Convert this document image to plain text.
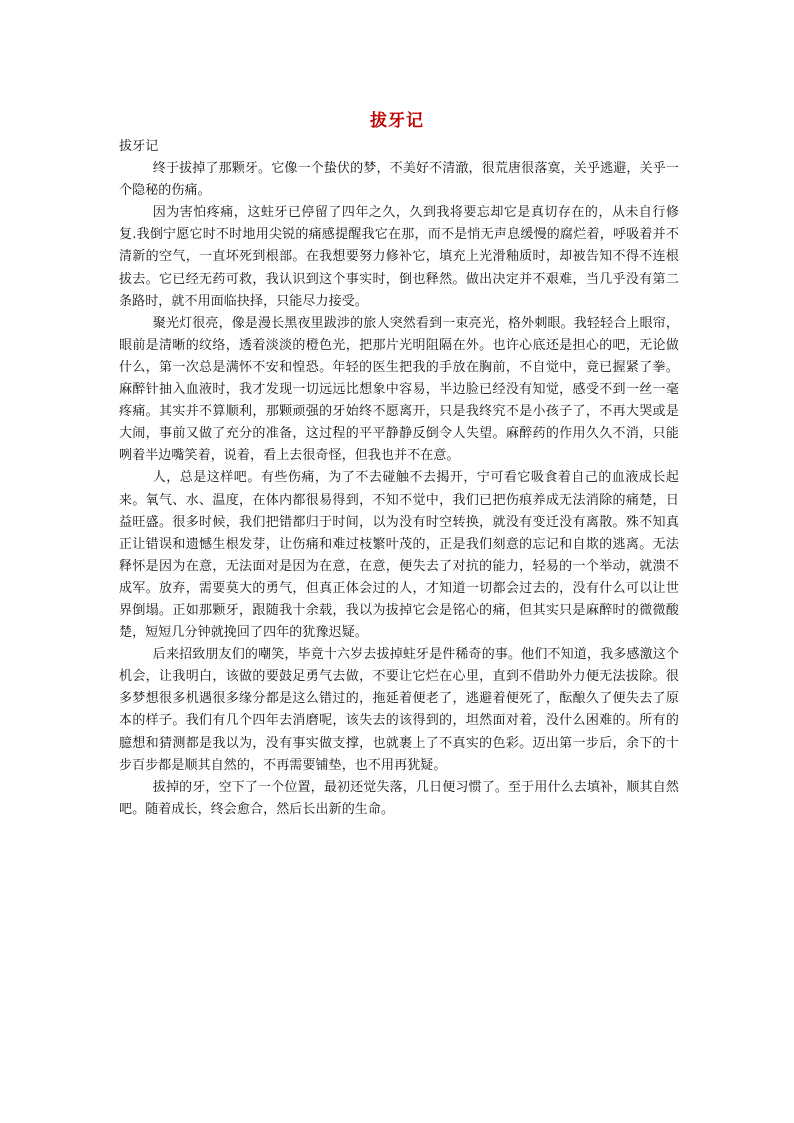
拔牙记

拔牙记

终于拔掉了那颗牙。它像一个蛰伏的梦，不美好不清澈，很荒唐很落寞，关乎逃避，关乎一个隐秘的伤痛。

因为害怕疼痛，这蛀牙已停留了四年之久，久到我将要忘却它是真切存在的，从未自行修复.我倒宁愿它时不时地用尖锐的痛感提醒我它在那，而不是悄无声息缓慢的腐烂着，呼吸着并不清新的空气，一直坏死到根部。在我想要努力修补它，填充上光滑釉质时，却被告知不得不连根拔去。它已经无药可救，我认识到这个事实时，倒也释然。做出决定并不艰难，当几乎没有第二条路时，就不用面临抉择，只能尽力接受。

聚光灯很亮，像是漫长黑夜里跋涉的旅人突然看到一束亮光，格外刺眼。我轻轻合上眼帘，眼前是清晰的纹络，透着淡淡的橙色光，把那片光明阻隔在外。也许心底还是担心的吧，无论做什么，第一次总是满怀不安和惶恐。年轻的医生把我的手放在胸前，不自觉中，竟已握紧了拳。麻醉针抽入血液时，我才发现一切远远比想象中容易，半边脸已经没有知觉，感受不到一丝一毫疼痛。其实并不算顺利，那颗顽强的牙始终不愿离开，只是我终究不是小孩子了，不再大哭或是大闹，事前又做了充分的准备，这过程的平平静静反倒令人失望。麻醉药的作用久久不消，只能咧着半边嘴笑着，说着，看上去很奇怪，但我也并不在意。

人，总是这样吧。有些伤痛，为了不去碰触不去揭开，宁可看它吸食着自己的血液成长起来。氧气、水、温度，在体内都很易得到，不知不觉中，我们已把伤痕养成无法消除的痛楚，日益旺盛。很多时候，我们把错都归于时间，以为没有时空转换，就没有变迁没有离散。殊不知真正让错误和遗憾生根发芽，让伤痛和难过枝繁叶茂的，正是我们刻意的忘记和自欺的逃离。无法释怀是因为在意，无法面对是因为在意，在意，便失去了对抗的能力，轻易的一个举动，就溃不成军。放弃，需要莫大的勇气，但真正体会过的人，才知道一切都会过去的，没有什么可以让世界倒塌。正如那颗牙，跟随我十余载，我以为拔掉它会是铭心的痛，但其实只是麻醉时的微微酸楚，短短几分钟就挽回了四年的犹豫迟疑。

后来招致朋友们的嘲笑，毕竟十六岁去拔掉蛀牙是件稀奇的事。他们不知道，我多感激这个机会，让我明白，该做的要鼓足勇气去做，不要让它烂在心里，直到不借助外力便无法拔除。很多梦想很多机遇很多缘分都是这么错过的，拖延着便老了，逃避着便死了，酝酿久了便失去了原本的样子。我们有几个四年去消磨呢，该失去的该得到的，坦然面对着，没什么困难的。所有的臆想和猜测都是我以为，没有事实做支撑，也就裹上了不真实的色彩。迈出第一步后，余下的十步百步都是顺其自然的，不再需要铺垫，也不用再犹疑。

拔掉的牙，空下了一个位置，最初还觉失落，几日便习惯了。至于用什么去填补，顺其自然吧。随着成长，终会愈合，然后长出新的生命。
